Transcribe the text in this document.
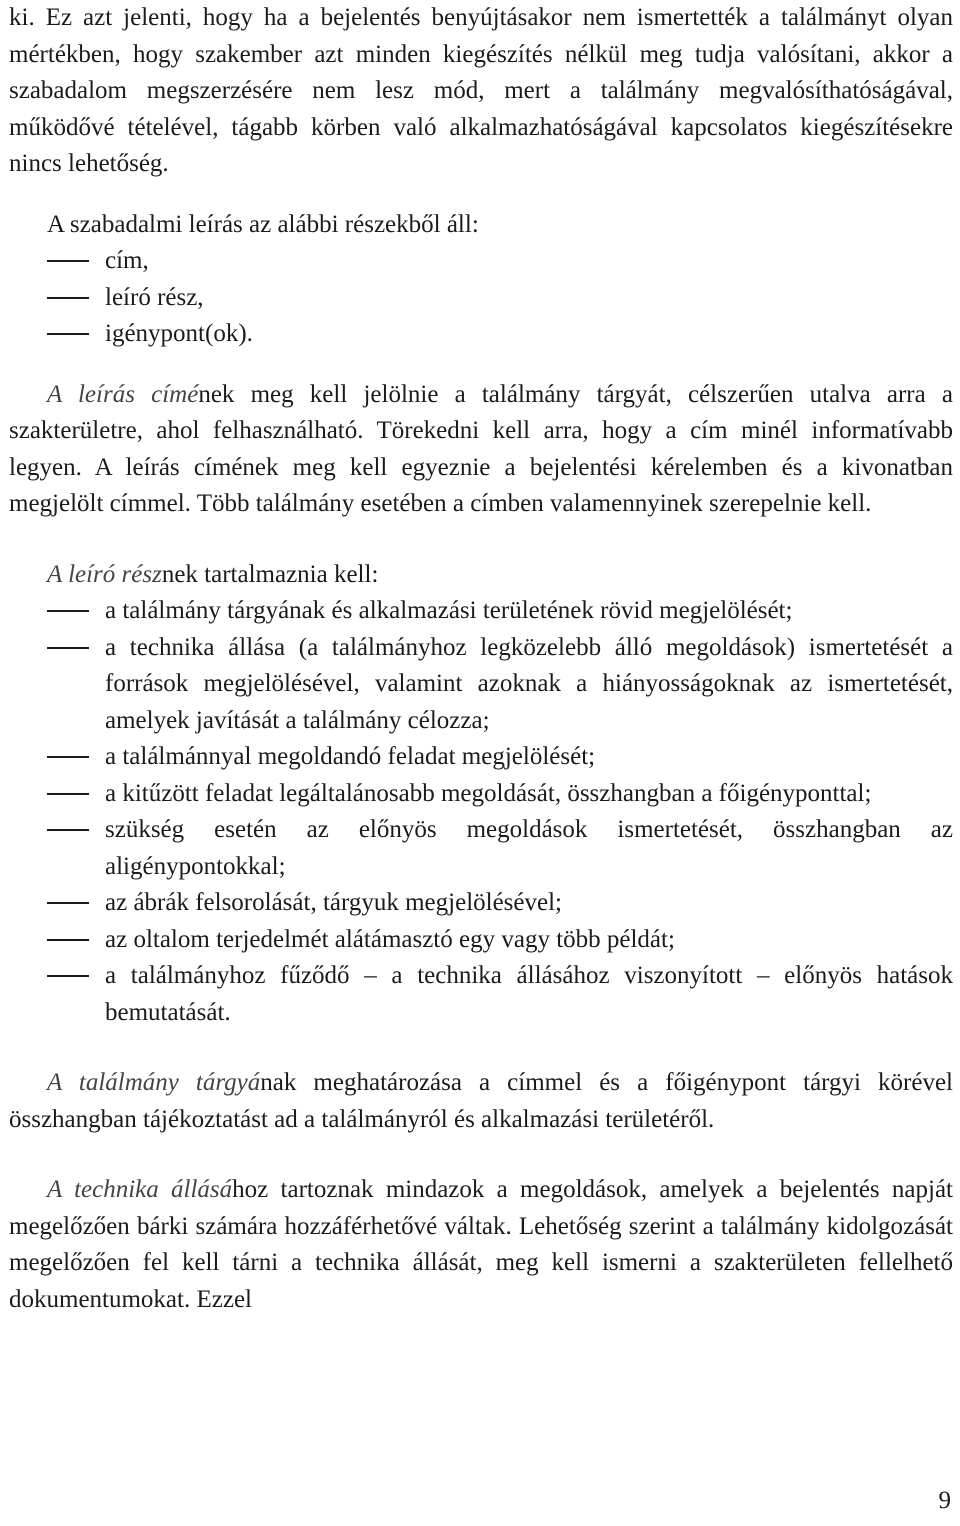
ki. Ez azt jelenti, hogy ha a bejelentés benyújtásakor nem ismertették a találmányt olyan mértékben, hogy szakember azt minden kiegészítés nélkül meg tudja valósítani, akkor a szabadalom megszerzésére nem lesz mód, mert a találmány megvalósíthatóságával, működővé tételével, tágabb körben való alkalmazhatóságával kapcsolatos kiegészítésekre nincs lehetőség.

A szabadalmi leírás az alábbi részekből áll:

cím,
leíró rész,
igénypont(ok).

A leírás címének meg kell jelölnie a találmány tárgyát, célszerűen utalva arra a szakterületre, ahol felhasználható. Törekedni kell arra, hogy a cím minél informatívabb legyen. A leírás címének meg kell egyeznie a bejelentési kérelemben és a kivonatban megjelölt címmel. Több találmány esetében a címben valamennyinek szerepelnie kell.

A leíró résznek tartalmaznia kell:

a találmány tárgyának és alkalmazási területének rövid megjelölését;
a technika állása (a találmányhoz legközelebb álló megoldások) ismertetését a források megjelölésével, valamint azoknak a hiányosságoknak az ismertetését, amelyek javítását a találmány célozza;
a találmánnyal megoldandó feladat megjelölését;
a kitűzött feladat legáltalánosabb megoldását, összhangban a főigényponttal;
szükség esetén az előnyös megoldások ismertetését, összhangban az aligénypontokkal;
az ábrák felsorolását, tárgyuk megjelölésével;
az oltalom terjedelmét alátámasztó egy vagy több példát;
a találmányhoz fűződő – a technika állásához viszonyított – előnyös hatások bemutatását.

A találmány tárgyának meghatározása a címmel és a főigénypont tárgyi körével összhangban tájékoztatást ad a találmányról és alkalmazási területéről.

A technika állásához tartoznak mindazok a megoldások, amelyek a bejelentés napját megelőzően bárki számára hozzáférhetővé váltak. Lehetőség szerint a találmány kidolgozását megelőzően fel kell tárni a technika állását, meg kell ismerni a szakterületen fellelhető dokumentumokat. Ezzel

9
